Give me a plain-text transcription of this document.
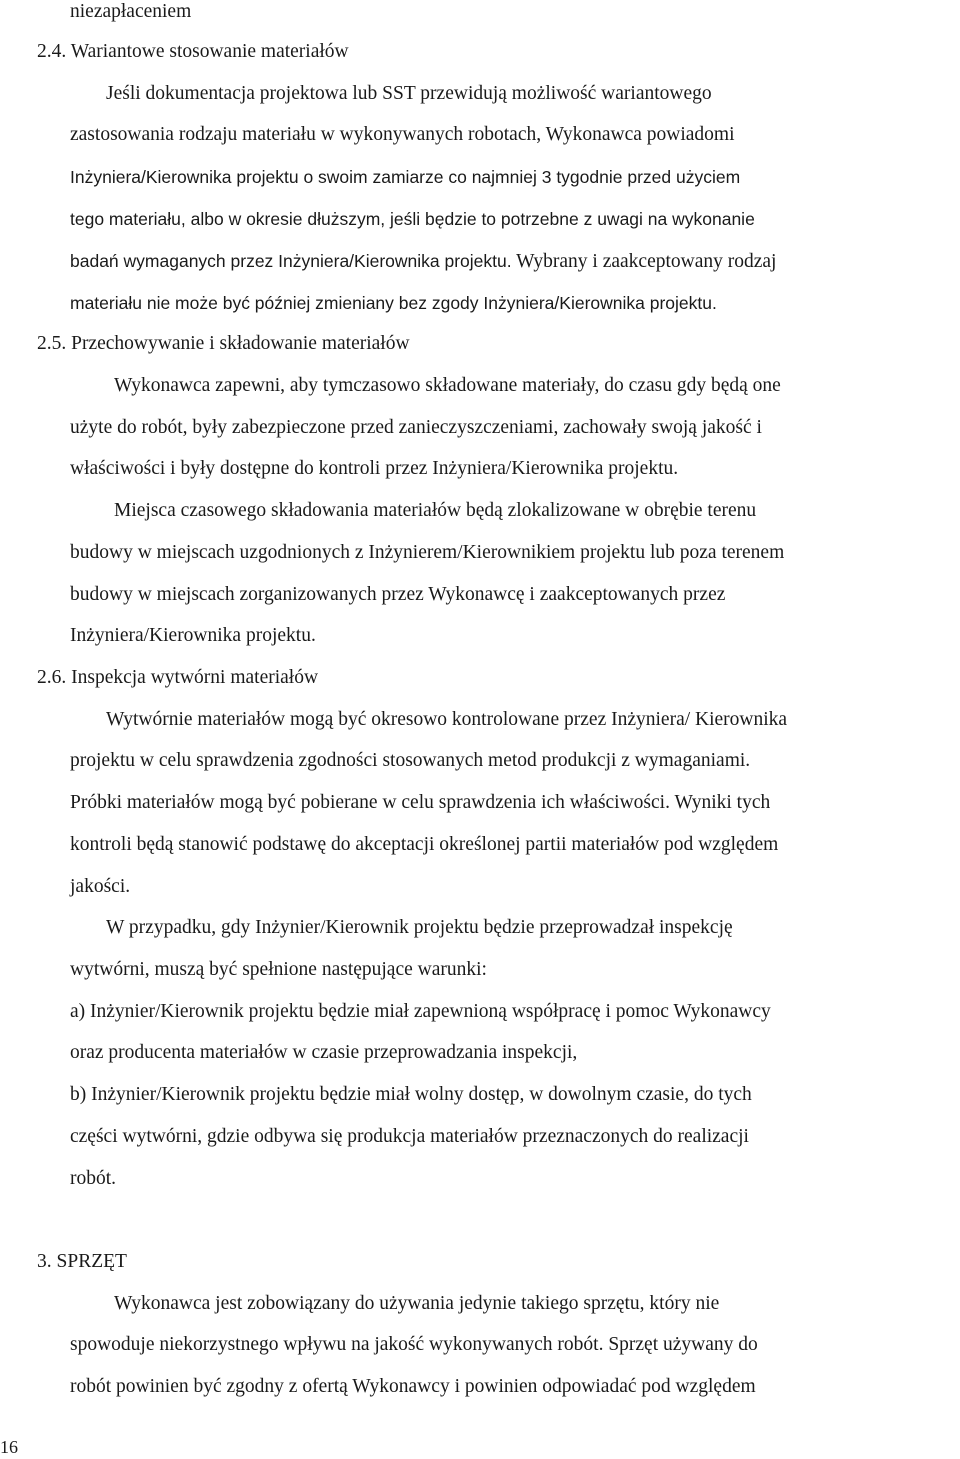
niezapłaceniem
2.4. Wariantowe stosowanie materiałów
Jeśli dokumentacja projektowa lub SST przewidują możliwość wariantowego
zastosowania rodzaju materiału w wykonywanych robotach, Wykonawca powiadomi
Inżyniera/Kierownika projektu o swoim zamiarze co najmniej 3 tygodnie przed użyciem
tego materiału, albo w okresie dłuższym, jeśli będzie to potrzebne z uwagi na wykonanie
badań wymaganych przez Inżyniera/Kierownika projektu. Wybrany i zaakceptowany rodzaj
materiału nie może być później zmieniany bez zgody Inżyniera/Kierownika projektu.
2.5. Przechowywanie i składowanie materiałów
Wykonawca zapewni, aby tymczasowo składowane materiały, do czasu gdy będą one
użyte do robót, były zabezpieczone przed zanieczyszczeniami, zachowały swoją jakość i
właściwości i były dostępne do kontroli przez Inżyniera/Kierownika projektu.
Miejsca czasowego składowania materiałów będą zlokalizowane w obrębie terenu
budowy w miejscach uzgodnionych z Inżynierem/Kierownikiem projektu lub poza terenem
budowy w miejscach zorganizowanych przez Wykonawcę i zaakceptowanych przez
Inżyniera/Kierownika projektu.
2.6. Inspekcja wytwórni materiałów
Wytwórnie materiałów mogą być okresowo kontrolowane przez Inżyniera/ Kierownika
projektu w celu sprawdzenia zgodności stosowanych metod produkcji z wymaganiami.
Próbki materiałów mogą być pobierane w celu sprawdzenia ich właściwości. Wyniki tych
kontroli będą stanowić podstawę do akceptacji określonej partii materiałów pod względem
jakości.
W przypadku, gdy Inżynier/Kierownik projektu będzie przeprowadzał inspekcję
wytwórni, muszą być spełnione następujące warunki:
a) Inżynier/Kierownik projektu będzie miał zapewnioną współpracę i pomoc Wykonawcy
oraz producenta materiałów w czasie przeprowadzania inspekcji,
b) Inżynier/Kierownik projektu będzie miał wolny dostęp, w dowolnym czasie, do tych
części wytwórni, gdzie odbywa się produkcja materiałów przeznaczonych do realizacji
robót.
3. SPRZĘT
Wykonawca jest zobowiązany do używania jedynie takiego sprzętu, który nie
spowoduje niekorzystnego wpływu na jakość wykonywanych robót. Sprzęt używany do
robót powinien być zgodny z ofertą Wykonawcy i powinien odpowiadać pod względem
16
